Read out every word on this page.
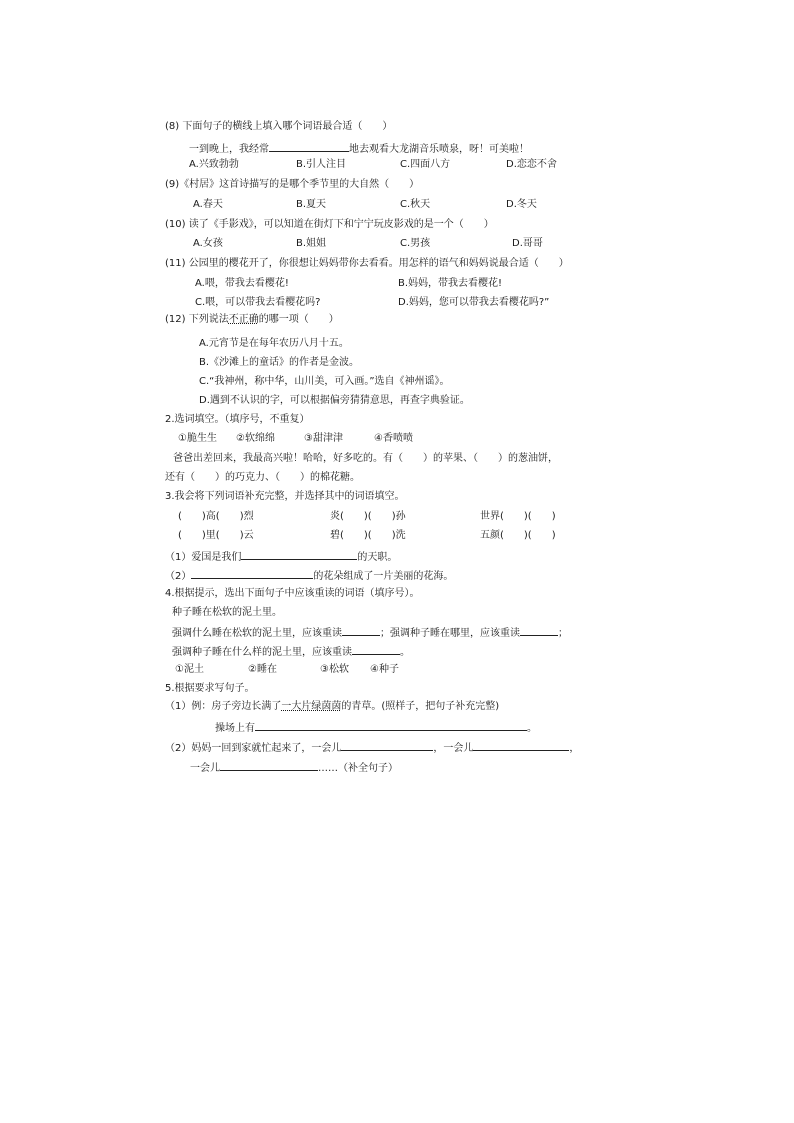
(8) 下面句子的横线上填入哪个词语最合适（　　）
一到晚上，我经常	地去观看大龙湖音乐喷泉，呀！可美啦！
A.兴致勃勃	B.引人注目	C.四面八方	D.恋恋不舍
(9)《村居》这首诗描写的是哪个季节里的大自然（　　）
A.春天	B.夏天	C.秋天	D.冬天
(10) 读了《手影戏》，可以知道在街灯下和宁宁玩皮影戏的是一个（　　）
A.女孩	B.姐姐	C.男孩	D.哥哥
(11) 公园里的樱花开了，你很想让妈妈带你去看看。用怎样的语气和妈妈说最合适（　　）
A.喂，带我去看樱花!	B.妈妈，带我去看樱花!
C.喂，可以带我去看樱花吗?	D.妈妈，您可以带我去看樱花吗?”
(12) 下列说法不正确的哪一项（　　）
A.元宵节是在每年农历八月十五。
B.《沙滩上的童话》的作者是金波。
C.“我神州，称中华，山川美，可入画。”选自《神州谣》。
D.遇到不认识的字，可以根据偏旁猜猜意思，再查字典验证。
2.选词填空。（填序号，不重复）
①脆生生 ②软绵绵	③甜津津	④香喷喷
爸爸出差回来，我最高兴啦！哈哈，好多吃的。有（　　）的苹果、（　　）的葱油饼，
还有（　　）的巧克力、（　　）的棉花糖。
3.我会将下列词语补充完整，并选择其中的词语填空。
(　　)高(　　)烈	炎(　　)(　　)孙	世界(　　)(　　)
(　　)里(　　)云	碧(　　)(　　)洗	五颜(　　)(　　)
（1）爱国是我们	的天职。
（2）	的花朵组成了一片美丽的花海。
4.根据提示，选出下面句子中应该重读的词语（填序号）。
种子睡在松软的泥土里。
强调什么睡在松软的泥土里，应该重读	；强调种子睡在哪里，应该重读	；
强调种子睡在什么样的泥土里，应该重读	。
①泥土	②睡在	③松软 ④种子
5.根据要求写句子。
（1）例：房子旁边长满了一大片绿茵茵的青草。(照样子，把句子补充完整)
操场上有	。
（2）妈妈一回到家就忙起来了，一会儿	，一会儿	，
一会儿	……（补全句子）
